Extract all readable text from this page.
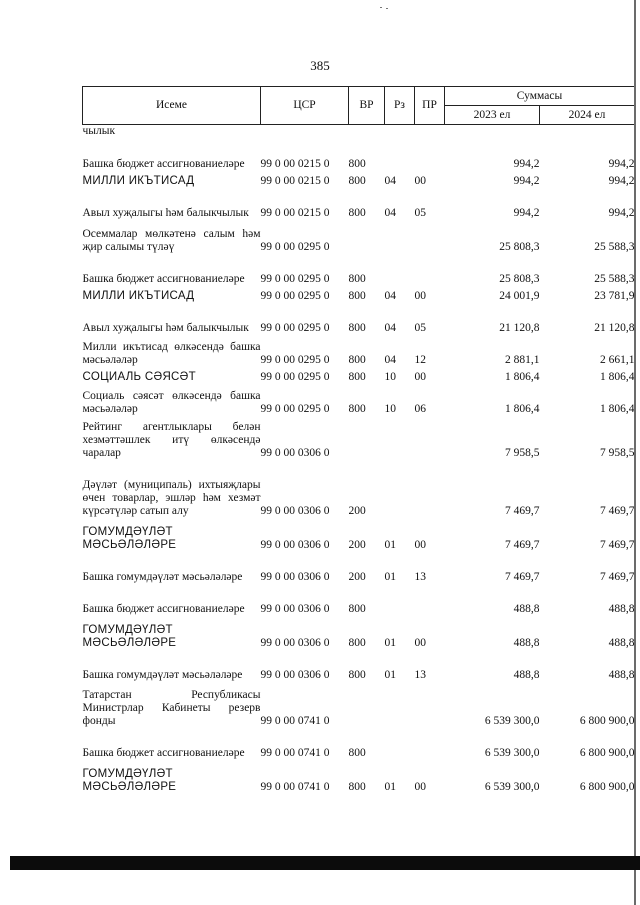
385
Исеме	ЦСР	ВР	Рз	ПР	Суммасы	
					2023 ел	2024 ел
чылык						
Башка бюджет ассигнованиеләре	99 0 00 0215 0	800			994,2	994,2
МИЛЛИ ИКЪТИСАД	99 0 00 0215 0	800	04	00	994,2	994,2
Авыл хуҗалыгы һәм балыкчылык	99 0 00 0215 0	800	04	05	994,2	994,2
Осеммалар мөлкәтенә салым һәм җир салымы түләү	99 0 00 0295 0				25 808,3	25 588,3
Башка бюджет ассигнованиеләре	99 0 00 0295 0	800			25 808,3	25 588,3
МИЛЛИ ИКЪТИСАД	99 0 00 0295 0	800	04	00	24 001,9	23 781,9
Авыл хуҗалыгы һәм балыкчылык	99 0 00 0295 0	800	04	05	21 120,8	21 120,8
Милли икътисад өлкәсендә башка мәсьәләләр	99 0 00 0295 0	800	04	12	2 881,1	2 661,1
СОЦИАЛЬ СӘЯСӘТ	99 0 00 0295 0	800	10	00	1 806,4	1 806,4
Социаль сәясәт өлкәсендә башка мәсьәләләр	99 0 00 0295 0	800	10	06	1 806,4	1 806,4
Рейтинг агентлыклары белән хезмәттәшлек итү өлкәсендә чаралар	99 0 00 0306 0				7 958,5	7 958,5
Дәүләт (муниципаль) ихтыяҗлары өчен товарлар, эшләр һәм хезмәт күрсәтүләр сатып алу	99 0 00 0306 0	200			7 469,7	7 469,7
ГОМУМДӘҮЛӘТ МӘСЬӘЛӘЛӘРЕ	99 0 00 0306 0	200	01	00	7 469,7	7 469,7
Башка гомумдәүләт мәсьәләләре	99 0 00 0306 0	200	01	13	7 469,7	7 469,7
Башка бюджет ассигнованиеләре	99 0 00 0306 0	800			488,8	488,8
ГОМУМДӘҮЛӘТ МӘСЬӘЛӘЛӘРЕ	99 0 00 0306 0	800	01	00	488,8	488,8
Башка гомумдәүләт мәсьәләләре	99 0 00 0306 0	800	01	13	488,8	488,8
Татарстан Республикасы Министрлар Кабинеты резерв фонды	99 0 00 0741 0				6 539 300,0	6 800 900,0
Башка бюджет ассигнованиеләре	99 0 00 0741 0	800			6 539 300,0	6 800 900,0
ГОМУМДӘҮЛӘТ МӘСЬӘЛӘЛӘРЕ	99 0 00 0741 0	800	01	00	6 539 300,0	6 800 900,0
